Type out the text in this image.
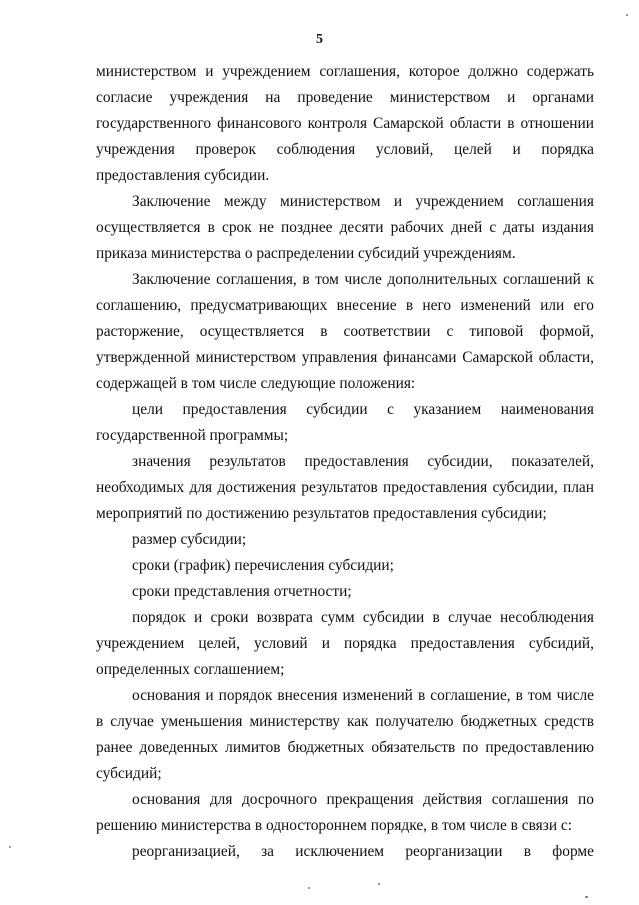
5

министерством и учреждением соглашения, которое должно содержать согласие учреждения на проведение министерством и органами государственного финансового контроля Самарской области в отношении учреждения проверок соблюдения условий, целей и порядка предоставления субсидии.

Заключение между министерством и учреждением соглашения осуществляется в срок не позднее десяти рабочих дней с даты издания приказа министерства о распределении субсидий учреждениям.

Заключение соглашения, в том числе дополнительных соглашений к соглашению, предусматривающих внесение в него изменений или его расторжение, осуществляется в соответствии с типовой формой, утвержденной министерством управления финансами Самарской области, содержащей в том числе следующие положения:

цели предоставления субсидии с указанием наименования государственной программы;

значения результатов предоставления субсидии, показателей, необходимых для достижения результатов предоставления субсидии, план мероприятий по достижению результатов предоставления субсидии;

размер субсидии;

сроки (график) перечисления субсидии;

сроки представления отчетности;

порядок и сроки возврата сумм субсидии в случае несоблюдения учреждением целей, условий и порядка предоставления субсидий, определенных соглашением;

основания и порядок внесения изменений в соглашение, в том числе в случае уменьшения министерству как получателю бюджетных средств ранее доведенных лимитов бюджетных обязательств по предоставлению субсидий;

основания для досрочного прекращения действия соглашения по решению министерства в одностороннем порядке, в том числе в связи с:

реорганизацией, за исключением реорганизации в форме
